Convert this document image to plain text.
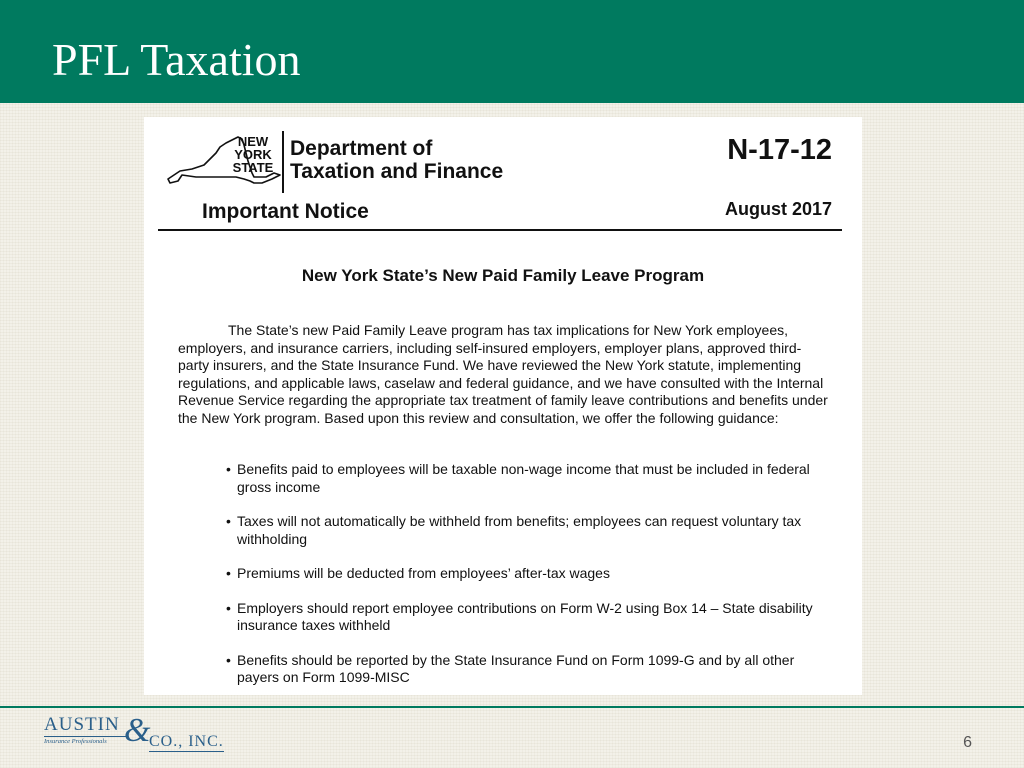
PFL Taxation
NEW
YORK
STATE
Department of
Taxation and Finance
N-17-12
Important Notice	August 2017
New York State’s New Paid Family Leave Program

The State’s new Paid Family Leave program has tax implications for New York employees, employers, and insurance carriers, including self-insured employers, employer plans, approved third-party insurers, and the State Insurance Fund. We have reviewed the New York statute, implementing regulations, and applicable laws, caselaw and federal guidance, and we have consulted with the Internal Revenue Service regarding the appropriate tax treatment of family leave contributions and benefits under the New York program. Based upon this review and consultation, we offer the following guidance:

• Benefits paid to employees will be taxable non-wage income that must be included in federal gross income
• Taxes will not automatically be withheld from benefits; employees can request voluntary tax withholding
• Premiums will be deducted from employees’ after-tax wages
• Employers should report employee contributions on Form W-2 using Box 14 – State disability insurance taxes withheld
• Benefits should be reported by the State Insurance Fund on Form 1099-G and by all other payers on Form 1099-MISC
AUSTIN
Insurance Professionals &
CO., INC.	6
